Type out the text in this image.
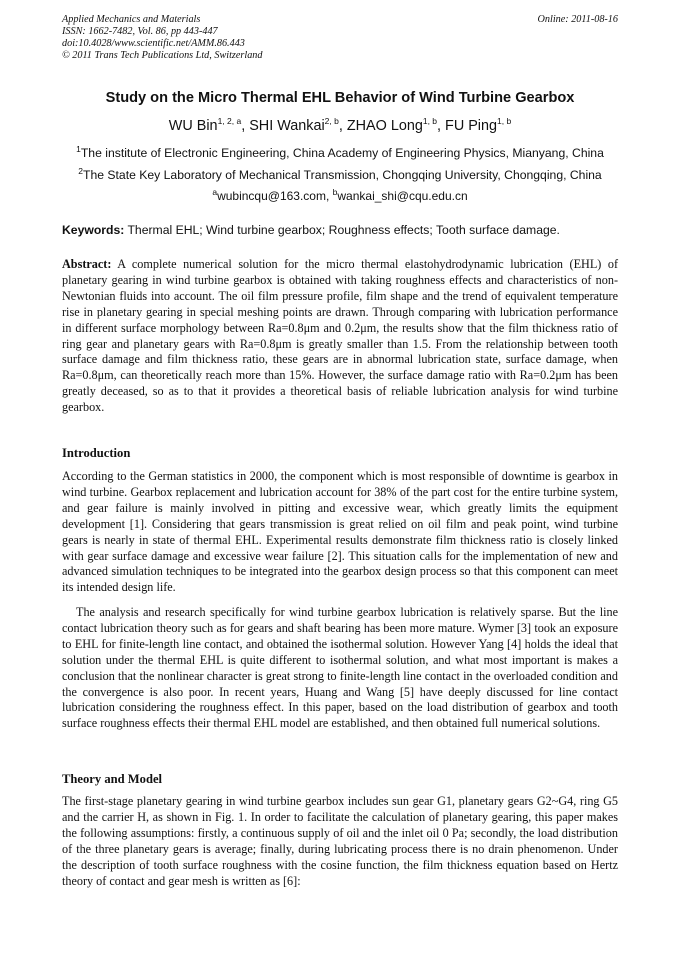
Applied Mechanics and Materials
ISSN: 1662-7482, Vol. 86, pp 443-447
doi:10.4028/www.scientific.net/AMM.86.443
© 2011 Trans Tech Publications Ltd, Switzerland
Online: 2011-08-16
Study on the Micro Thermal EHL Behavior of Wind Turbine Gearbox
WU Bin$^{1, 2, a}$, SHI Wankai$^{2, b}$, ZHAO Long$^{1, b}$, FU Ping$^{1, b}$
$^1$The institute of Electronic Engineering, China Academy of Engineering Physics, Mianyang, China
$^2$The State Key Laboratory of Mechanical Transmission, Chongqing University, Chongqing, China
$^a$wubincqu@163.com, $^b$wankai_shi@cqu.edu.cn
Keywords: Thermal EHL; Wind turbine gearbox; Roughness effects; Tooth surface damage.
Abstract: A complete numerical solution for the micro thermal elastohydrodynamic lubrication (EHL) of planetary gearing in wind turbine gearbox is obtained with taking roughness effects and characteristics of non-Newtonian fluids into account. The oil film pressure profile, film shape and the trend of equivalent temperature rise in planetary gearing in special meshing points are drawn. Through comparing with lubrication performance in different surface morphology between Ra=0.8μm and 0.2μm, the results show that the film thickness ratio of ring gear and planetary gears with Ra=0.8μm is greatly smaller than 1.5. From the relationship between tooth surface damage and film thickness ratio, these gears are in abnormal lubrication state, surface damage, when Ra=0.8μm, can theoretically reach more than 15%. However, the surface damage ratio with Ra=0.2μm has been greatly deceased, so as to that it provides a theoretical basis of reliable lubrication analysis for wind turbine gearbox.
Introduction
According to the German statistics in 2000, the component which is most responsible of downtime is gearbox in wind turbine. Gearbox replacement and lubrication account for 38% of the part cost for the entire turbine system, and gear failure is mainly involved in pitting and excessive wear, which greatly limits the equipment development [1]. Considering that gears transmission is great relied on oil film and peak point, wind turbine gears is nearly in state of thermal EHL. Experimental results demonstrate film thickness ratio is closely linked with gear surface damage and excessive wear failure [2]. This situation calls for the implementation of new and advanced simulation techniques to be integrated into the gearbox design process so that this component can meet its intended design life.
The analysis and research specifically for wind turbine gearbox lubrication is relatively sparse. But the line contact lubrication theory such as for gears and shaft bearing has been more mature. Wymer [3] took an exposure to EHL for finite-length line contact, and obtained the isothermal solution. However Yang [4] holds the ideal that solution under the thermal EHL is quite different to isothermal solution, and what most important is makes a conclusion that the nonlinear character is great strong to finite-length line contact in the overloaded condition and the convergence is also poor. In recent years, Huang and Wang [5] have deeply discussed for line contact lubrication considering the roughness effect. In this paper, based on the load distribution of gearbox and tooth surface roughness effects their thermal EHL model are established, and then obtained full numerical solutions.
Theory and Model
The first-stage planetary gearing in wind turbine gearbox includes sun gear G1, planetary gears G2~G4, ring G5 and the carrier H, as shown in Fig. 1. In order to facilitate the calculation of planetary gearing, this paper makes the following assumptions: firstly, a continuous supply of oil and the inlet oil 0 Pa; secondly, the load distribution of the three planetary gears is average; finally, during lubricating process there is no drain phenomenon. Under the description of tooth surface roughness with the cosine function, the film thickness equation based on Hertz theory of contact and gear mesh is written as [6]:
